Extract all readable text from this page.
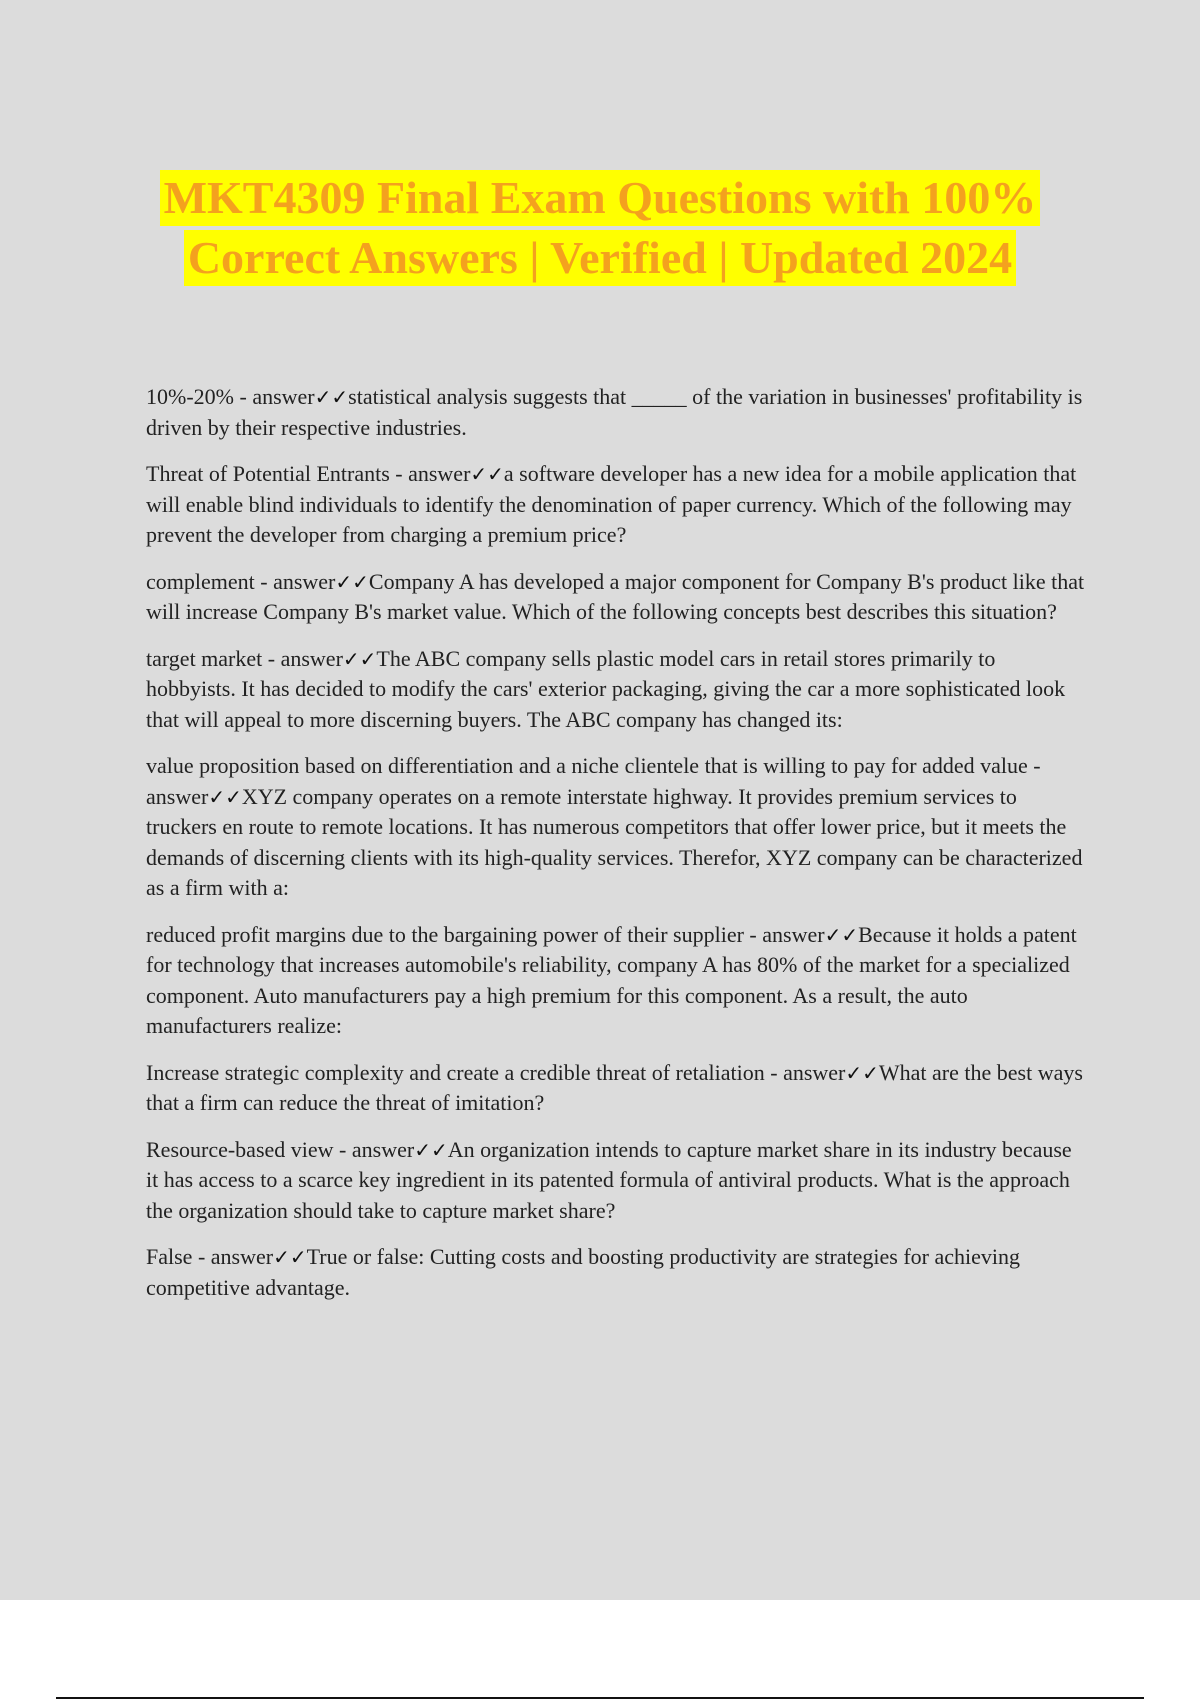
MKT4309 Final Exam Questions with 100%
Correct Answers | Verified | Updated 2024

10%-20% - answer✓✓statistical analysis suggests that _____ of the variation in businesses' profitability is driven by their respective industries.

Threat of Potential Entrants - answer✓✓a software developer has a new idea for a mobile application that will enable blind individuals to identify the denomination of paper currency. Which of the following may prevent the developer from charging a premium price?

complement - answer✓✓Company A has developed a major component for Company B's product like that will increase Company B's market value. Which of the following concepts best describes this situation?

target market - answer✓✓The ABC company sells plastic model cars in retail stores primarily to hobbyists. It has decided to modify the cars' exterior packaging, giving the car a more sophisticated look that will appeal to more discerning buyers. The ABC company has changed its:

value proposition based on differentiation and a niche clientele that is willing to pay for added value - answer✓✓XYZ company operates on a remote interstate highway. It provides premium services to truckers en route to remote locations. It has numerous competitors that offer lower price, but it meets the demands of discerning clients with its high-quality services. Therefor, XYZ company can be characterized as a firm with a:

reduced profit margins due to the bargaining power of their supplier - answer✓✓Because it holds a patent for technology that increases automobile's reliability, company A has 80% of the market for a specialized component. Auto manufacturers pay a high premium for this component. As a result, the auto manufacturers realize:

Increase strategic complexity and create a credible threat of retaliation - answer✓✓What are the best ways that a firm can reduce the threat of imitation?

Resource-based view - answer✓✓An organization intends to capture market share in its industry because it has access to a scarce key ingredient in its patented formula of antiviral products. What is the approach the organization should take to capture market share?

False - answer✓✓True or false: Cutting costs and boosting productivity are strategies for achieving competitive advantage.
